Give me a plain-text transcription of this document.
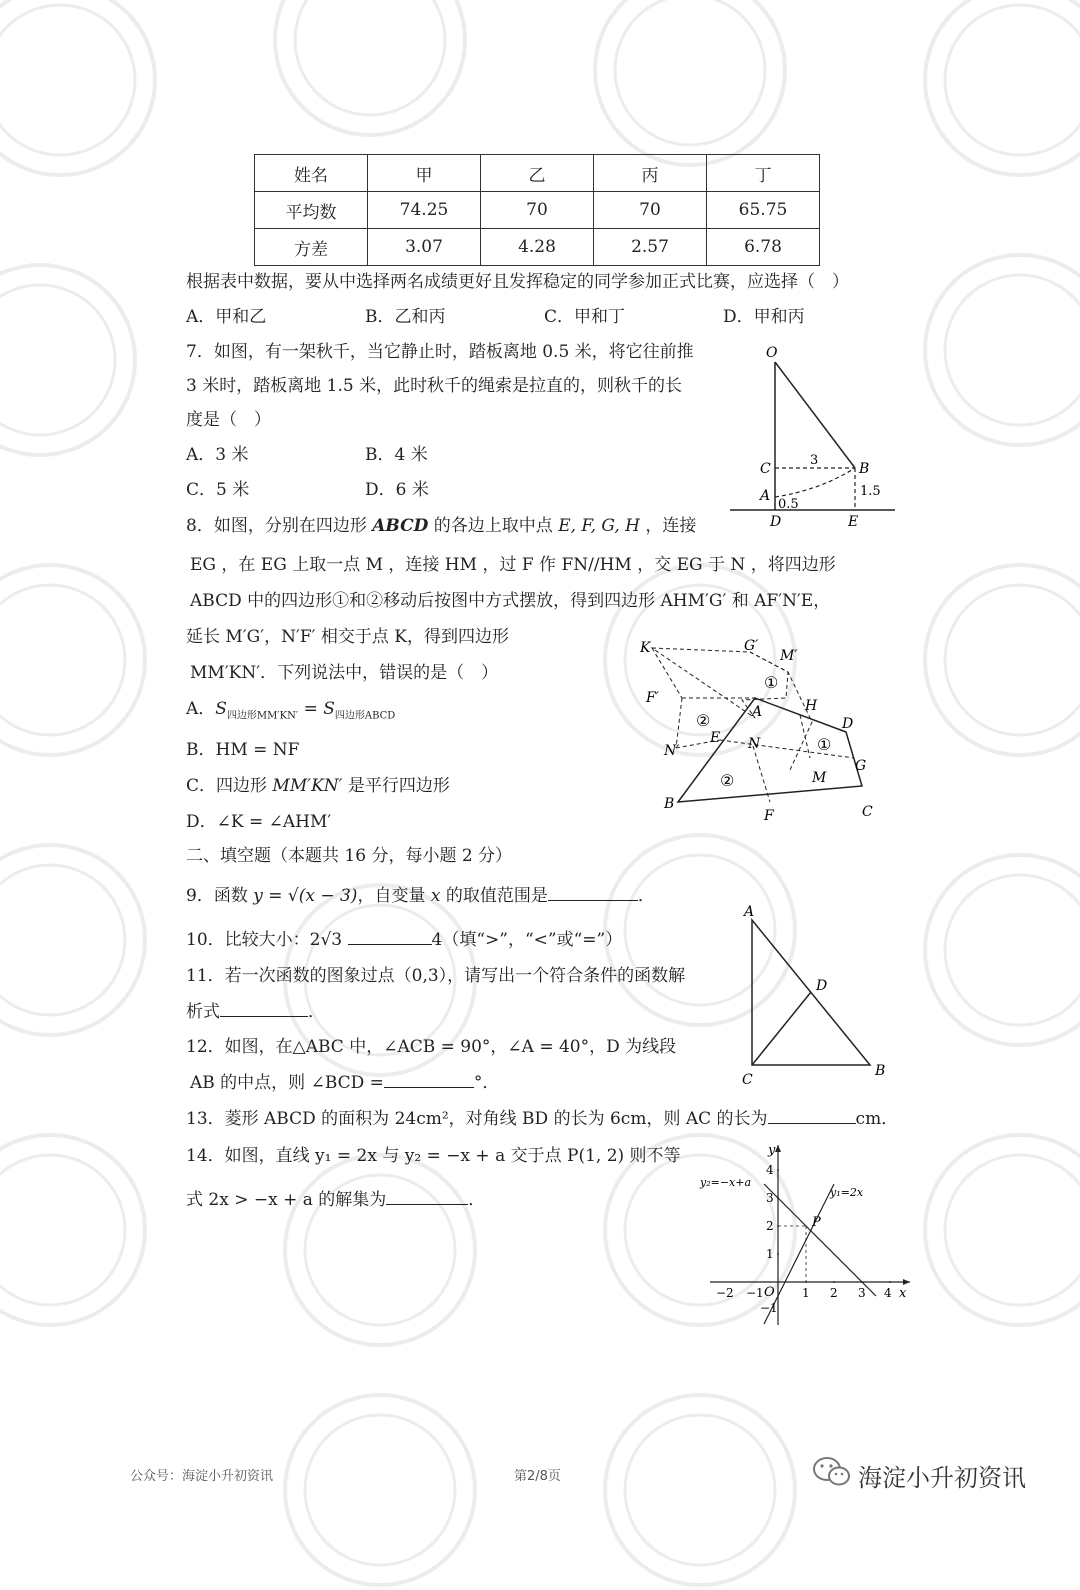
姓名	甲	乙	丙	丁
平均数	74.25	70	70	65.75
方差	3.07	4.28	2.57	6.78
根据表中数据，要从中选择两名成绩更好且发挥稳定的同学参加正式比赛，应选择（　）
A．甲和乙	B．乙和丙	C．甲和丁	D．甲和丙
7．如图，有一架秋千，当它静止时，踏板离地 0.5 米，将它往前推
3 米时，踏板离地 1.5 米，此时秋千的绳索是拉直的，则秋千的长
度是（　）
A．3 米	B．4 米
C．5 米	D．6 米
O
C
A
B
D	E
3
0.5
1.5
8．如图，分别在四边形 ABCD 的各边上取中点 E, F, G, H ，连接
EG ，在 EG 上取一点 M ，连接 HM ，过 F 作 FN//HM ，交 EG 于 N ，将四边形
ABCD 中的四边形①和②移动后按图中方式摆放，得到四边形 AHM′G′ 和 AF′N′E，
延长 M′G′，N′F′ 相交于点 K，得到四边形
MM′KN′．下列说法中，错误的是（　）
A．$S_{四边形MM'KN'} = S_{四边形ABCD}$
B．HM = NF
C．四边形 MM′KN′ 是平行四边形
D．∠K = ∠AHM′
K	G′
M′
F′
A	H
D
N′
E N
G
M
B
F	C
①
②
①
②
二、填空题（本题共 16 分，每小题 2 分）
9．函数 y = √(x − 3)，自变量 x 的取值范围是	．
10．比较大小：2√3	4（填“>”，“<”或“=”）
11．若一次函数的图象过点（0,3），请写出一个符合条件的函数解
析式	．
12．如图，在△ABC 中，∠ACB = 90°，∠A = 40°，D 为线段
AB 的中点，则 ∠BCD =	°．
A
D
C
B
13．菱形 ABCD 的面积为 24cm²，对角线 BD 的长为 6cm，则 AC 的长为	cm．
14．如图，直线 y₁ = 2x 与 y₂ = −x + a 交于点 P(1, 2) 则不等
式 2x > −x + a 的解集为	．
y
x
O
P
y₁=2x
y₂=−x+a
−2 −1	1 2 3 4
1
2
3
4
−1
公众号：海淀小升初资讯	第2/8页	海淀小升初资讯
